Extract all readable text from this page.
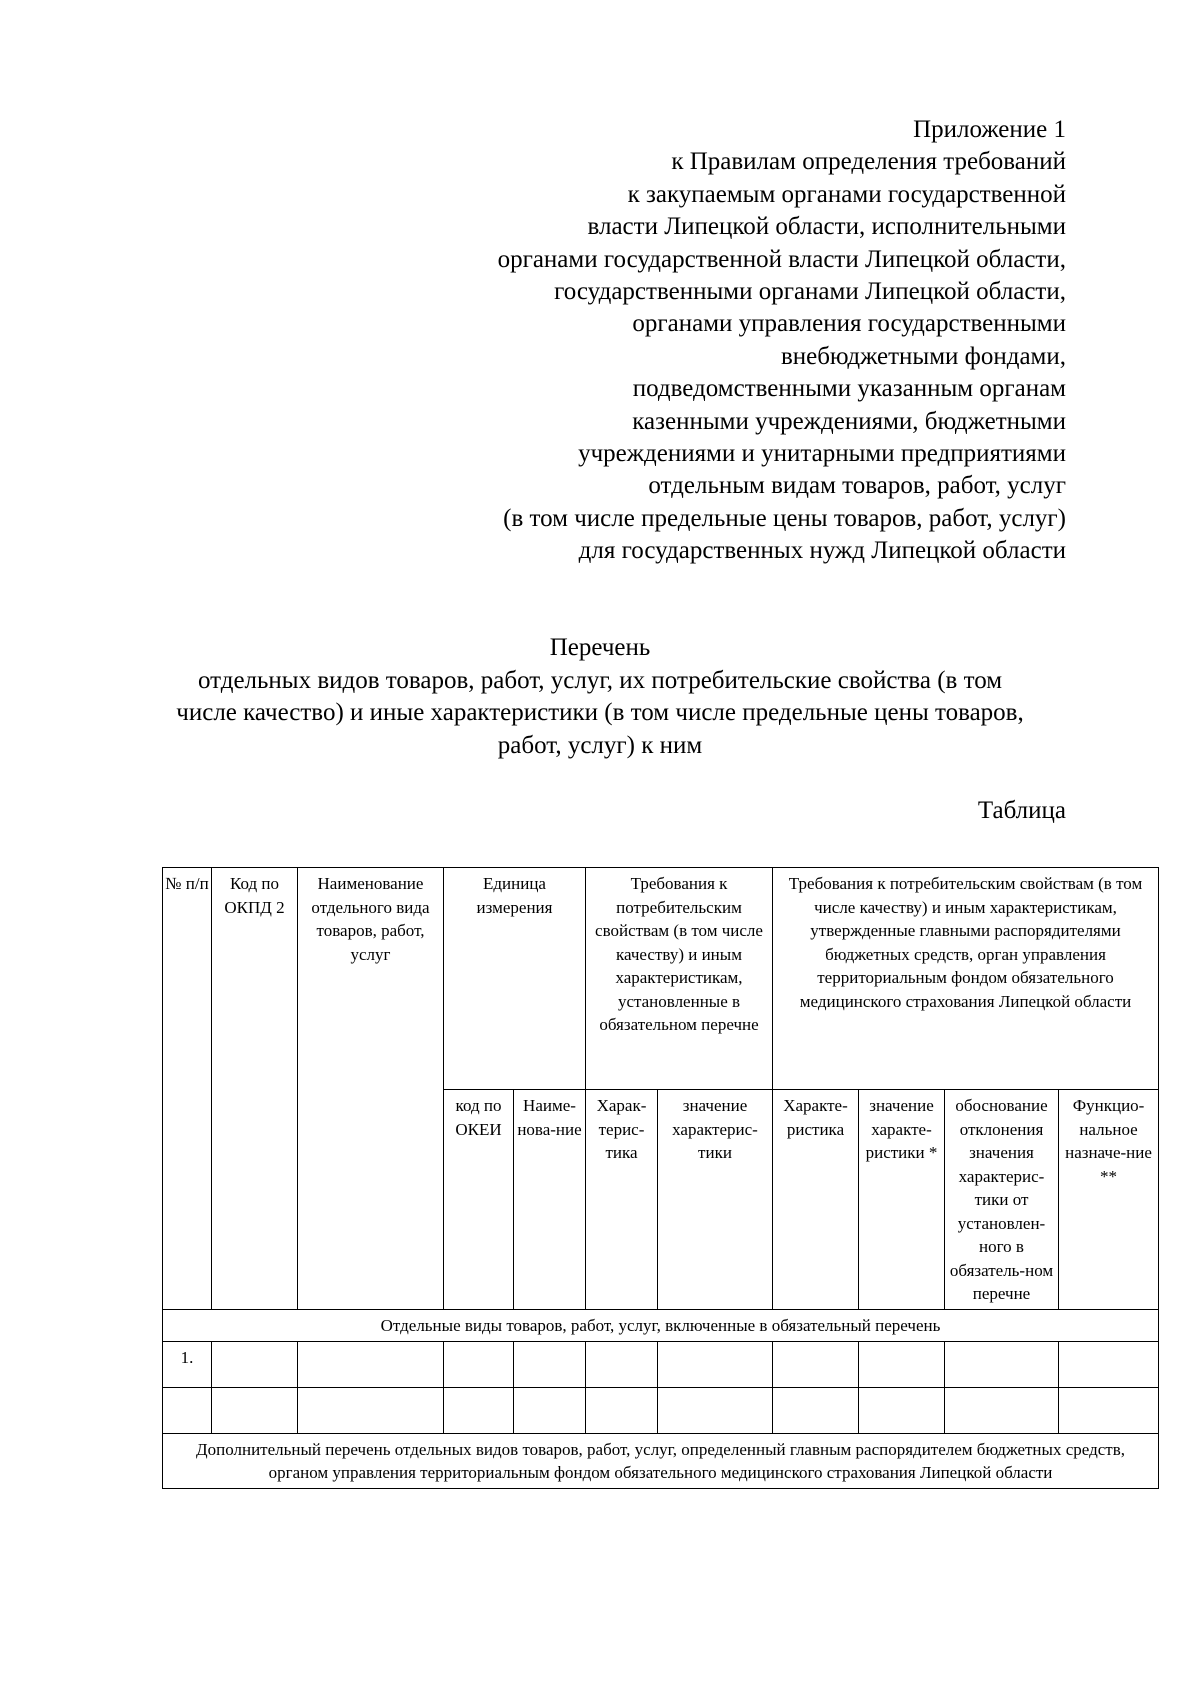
Приложение 1
к Правилам определения требований
к закупаемым органами государственной
власти Липецкой области, исполнительными
органами государственной власти Липецкой области,
государственными органами Липецкой области,
органами управления государственными
внебюджетными фондами,
подведомственными указанным органам
казенными учреждениями, бюджетными
учреждениями и унитарными предприятиями
отдельным видам товаров, работ, услуг
(в том числе предельные цены товаров, работ, услуг)
для государственных нужд Липецкой области
Перечень
отдельных видов товаров, работ, услуг, их потребительские свойства (в том
числе качество) и иные характеристики (в том числе предельные цены товаров,
работ, услуг) к ним
Таблица
№ п/п	Код по ОКПД 2	Наименование отдельного вида товаров, работ, услуг	Единица измерения		Требования к потребительским свойствам (в том числе качеству) и иным характеристикам, установленные в обязательном перечне		Требования к потребительским свойствам (в том числе качеству) и иным характеристикам, утвержденные главными распорядителями бюджетных средств, орган управления территориальным фондом обязательного медицинского страхования Липецкой области			
			код по ОКЕИ	Наиме-нова-ние	Харак-терис-тика	значение характерис-тики	Характе-ристика	значение характе-ристики *	обоснование отклонения значения характерис-тики от установлен-ного в обязатель-ном перечне	Функцио-нальное назначе-ние **
Отдельные виды товаров, работ, услуг, включенные в обязательный перечень										
1.										

Дополнительный перечень отдельных видов товаров, работ, услуг, определенный главным распорядителем бюджетных средств, органом управления территориальным фондом обязательного медицинского страхования Липецкой области										
